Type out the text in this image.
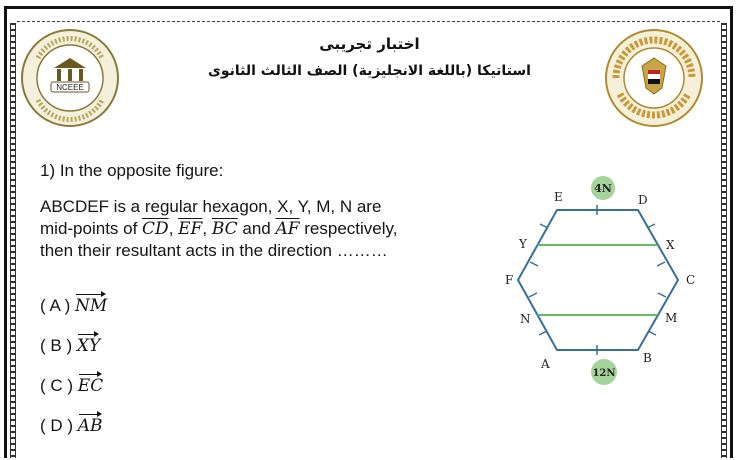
NCEEE
اختبار تجريبى
استاتيكا (باللغة الانجليزية) الصف الثالث الثانوى
1) In the opposite figure:
ABCDEF is a regular hexagon, X, Y, M, N are
mid-points of $\overline{CD}$, $\overline{EF}$, $\overline{BC}$ and $\overline{AF}$ respectively,
then their resultant acts in the direction ………
( A ) NM
( B ) XY
( C ) EC
( D ) AB
4N
12N
E	D
C
F
A	B
X
Y
M
N
